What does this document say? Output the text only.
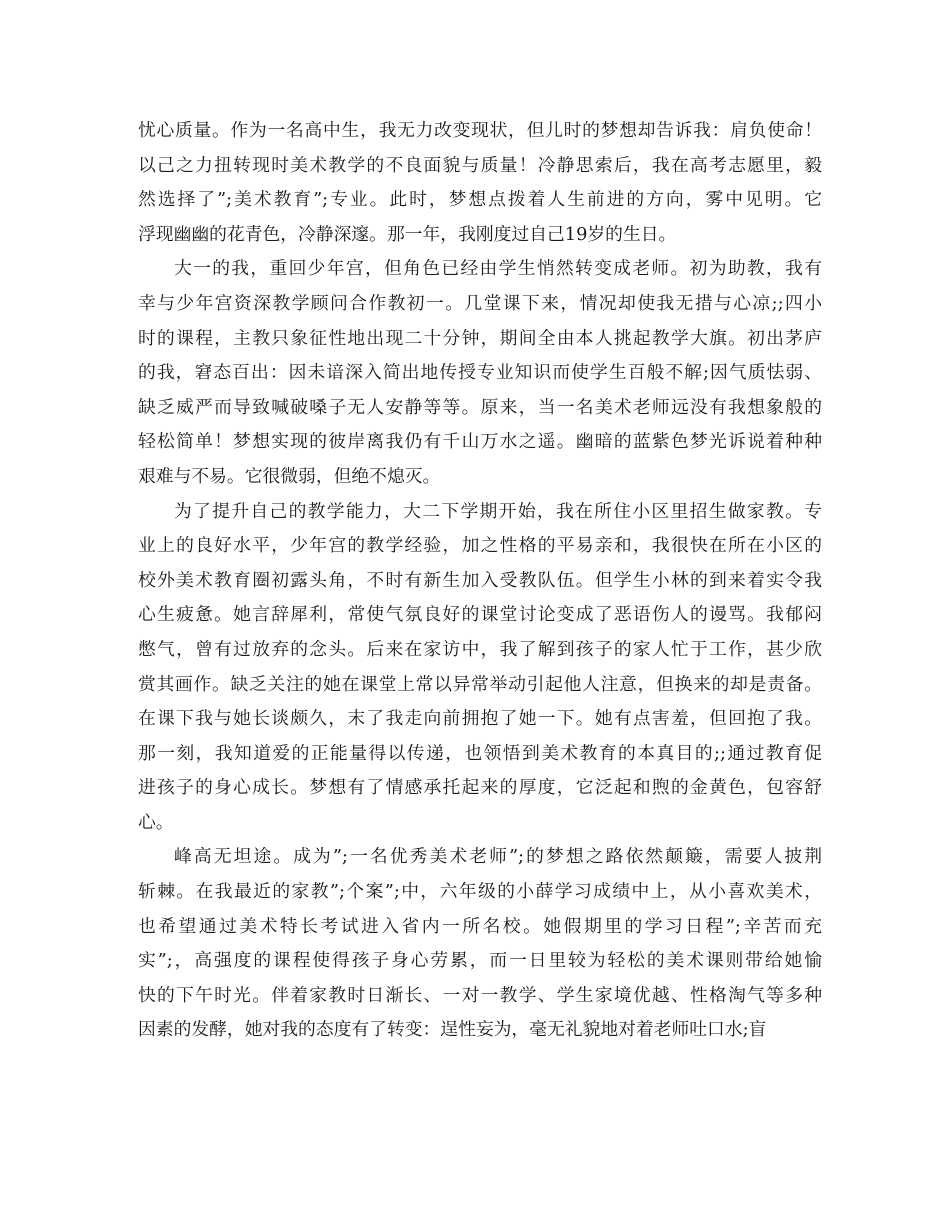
忧心质量。作为一名高中生，我无力改变现状，但儿时的梦想却告诉我：肩负使命！
以己之力扭转现时美术教学的不良面貌与质量！冷静思索后，我在高考志愿里，毅
然选择了”;美术教育”;专业。此时，梦想点拨着人生前进的方向，雾中见明。它
浮现幽幽的花青色，冷静深邃。那一年，我刚度过自己19岁的生日。
大一的我，重回少年宫，但角色已经由学生悄然转变成老师。初为助教，我有
幸与少年宫资深教学顾问合作教初一。几堂课下来，情况却使我无措与心凉;;四小
时的课程，主教只象征性地出现二十分钟，期间全由本人挑起教学大旗。初出茅庐
的我，窘态百出：因未谙深入简出地传授专业知识而使学生百般不解;因气质怯弱、
缺乏威严而导致喊破嗓子无人安静等等。原来，当一名美术老师远没有我想象般的
轻松简单！梦想实现的彼岸离我仍有千山万水之遥。幽暗的蓝紫色梦光诉说着种种
艰难与不易。它很微弱，但绝不熄灭。
为了提升自己的教学能力，大二下学期开始，我在所住小区里招生做家教。专
业上的良好水平，少年宫的教学经验，加之性格的平易亲和，我很快在所在小区的
校外美术教育圈初露头角，不时有新生加入受教队伍。但学生小林的到来着实令我
心生疲惫。她言辞犀利，常使气氛良好的课堂讨论变成了恶语伤人的谩骂。我郁闷
憋气，曾有过放弃的念头。后来在家访中，我了解到孩子的家人忙于工作，甚少欣
赏其画作。缺乏关注的她在课堂上常以异常举动引起他人注意，但换来的却是责备。
在课下我与她长谈颇久，末了我走向前拥抱了她一下。她有点害羞，但回抱了我。
那一刻，我知道爱的正能量得以传递，也领悟到美术教育的本真目的;;通过教育促
进孩子的身心成长。梦想有了情感承托起来的厚度，它泛起和煦的金黄色，包容舒
心。
峰高无坦途。成为”;一名优秀美术老师”;的梦想之路依然颠簸，需要人披荆
斩棘。在我最近的家教”;个案”;中，六年级的小薛学习成绩中上，从小喜欢美术，
也希望通过美术特长考试进入省内一所名校。她假期里的学习日程”;辛苦而充
实”;，高强度的课程使得孩子身心劳累，而一日里较为轻松的美术课则带给她愉
快的下午时光。伴着家教时日渐长、一对一教学、学生家境优越、性格淘气等多种
因素的发酵，她对我的态度有了转变：逞性妄为，毫无礼貌地对着老师吐口水;盲
